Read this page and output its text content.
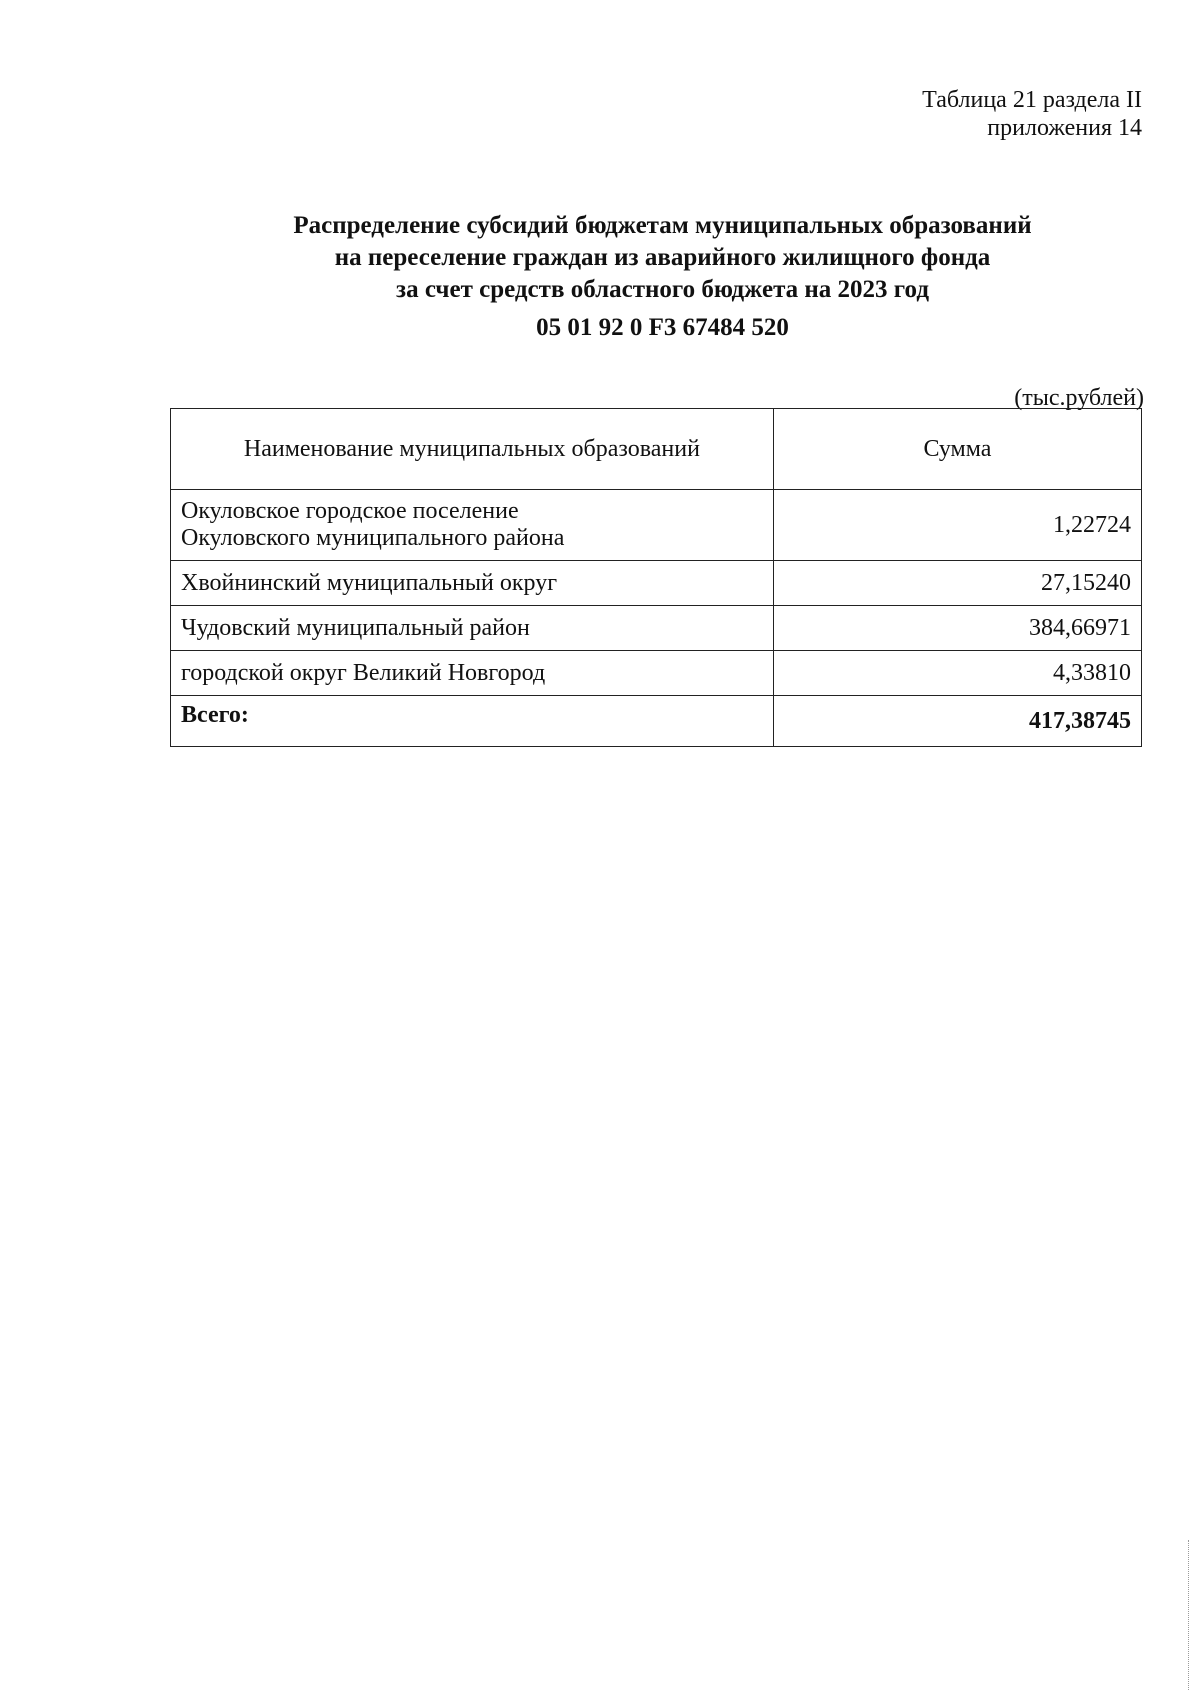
Таблица 21 раздела II
приложения 14
Распределение субсидий бюджетам муниципальных образований
на переселение граждан из аварийного жилищного фонда
за счет средств областного бюджета на 2023 год
05 01 92 0 F3 67484 520
(тыс.рублей)
Наименование муниципальных образований	Сумма

Окуловское городское поселение
Окуловского муниципального района	1,22724
Хвойнинский муниципальный округ	27,15240
Чудовский муниципальный район	384,66971
городской округ Великий Новгород	4,33810
Всего:	417,38745
